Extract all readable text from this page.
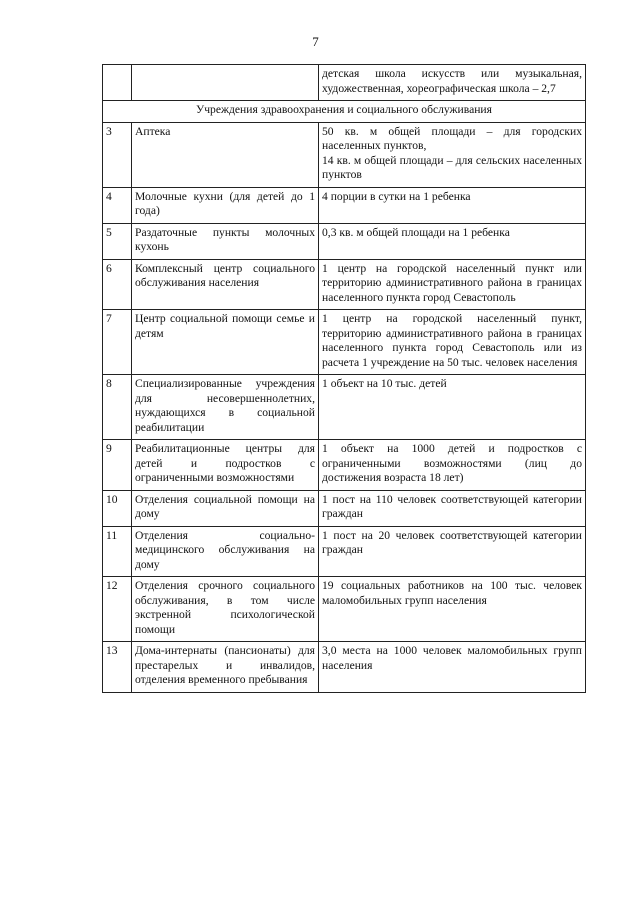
7
		детская школа искусств или музыкальная, художественная, хореографическая школа – 2,7
Учреждения здравоохранения и социального обслуживания		
3	Аптека	50 кв. м общей площади – для городских населенных пунктов,
14 кв. м общей площади – для сельских населенных пунктов
4	Молочные кухни (для детей до 1 года)	4 порции в сутки на 1 ребенка
5	Раздаточные пункты молочных кухонь	0,3 кв. м общей площади на 1 ребенка
6	Комплексный центр социального обслуживания населения	1 центр на городской населенный пункт или территорию административного района в границах населенного пункта город Севастополь
7	Центр социальной помощи семье и детям	1 центр на городской населенный пункт, территорию административного района в границах населенного пункта город Севастополь или из расчета 1 учреждение на 50 тыс. человек населения
8	Специализированные учреждения для несовершеннолетних, нуждающихся в социальной реабилитации	1 объект на 10 тыс. детей
9	Реабилитационные центры для детей и подростков с ограниченными возможностями	1 объект на 1000 детей и подростков с ограниченными возможностями (лиц до достижения возраста 18 лет)
10	Отделения социальной помощи на дому	1 пост на 110 человек соответствующей категории граждан
11	Отделения социально-медицинского обслуживания на дому	1 пост на 20 человек соответствующей категории граждан
12	Отделения срочного социального обслуживания, в том числе экстренной психологической помощи	19 социальных работников на 100 тыс. человек маломобильных групп населения
13	Дома-интернаты (пансионаты) для престарелых и инвалидов, отделения временного пребывания	3,0 места на 1000 человек маломобильных групп населения
